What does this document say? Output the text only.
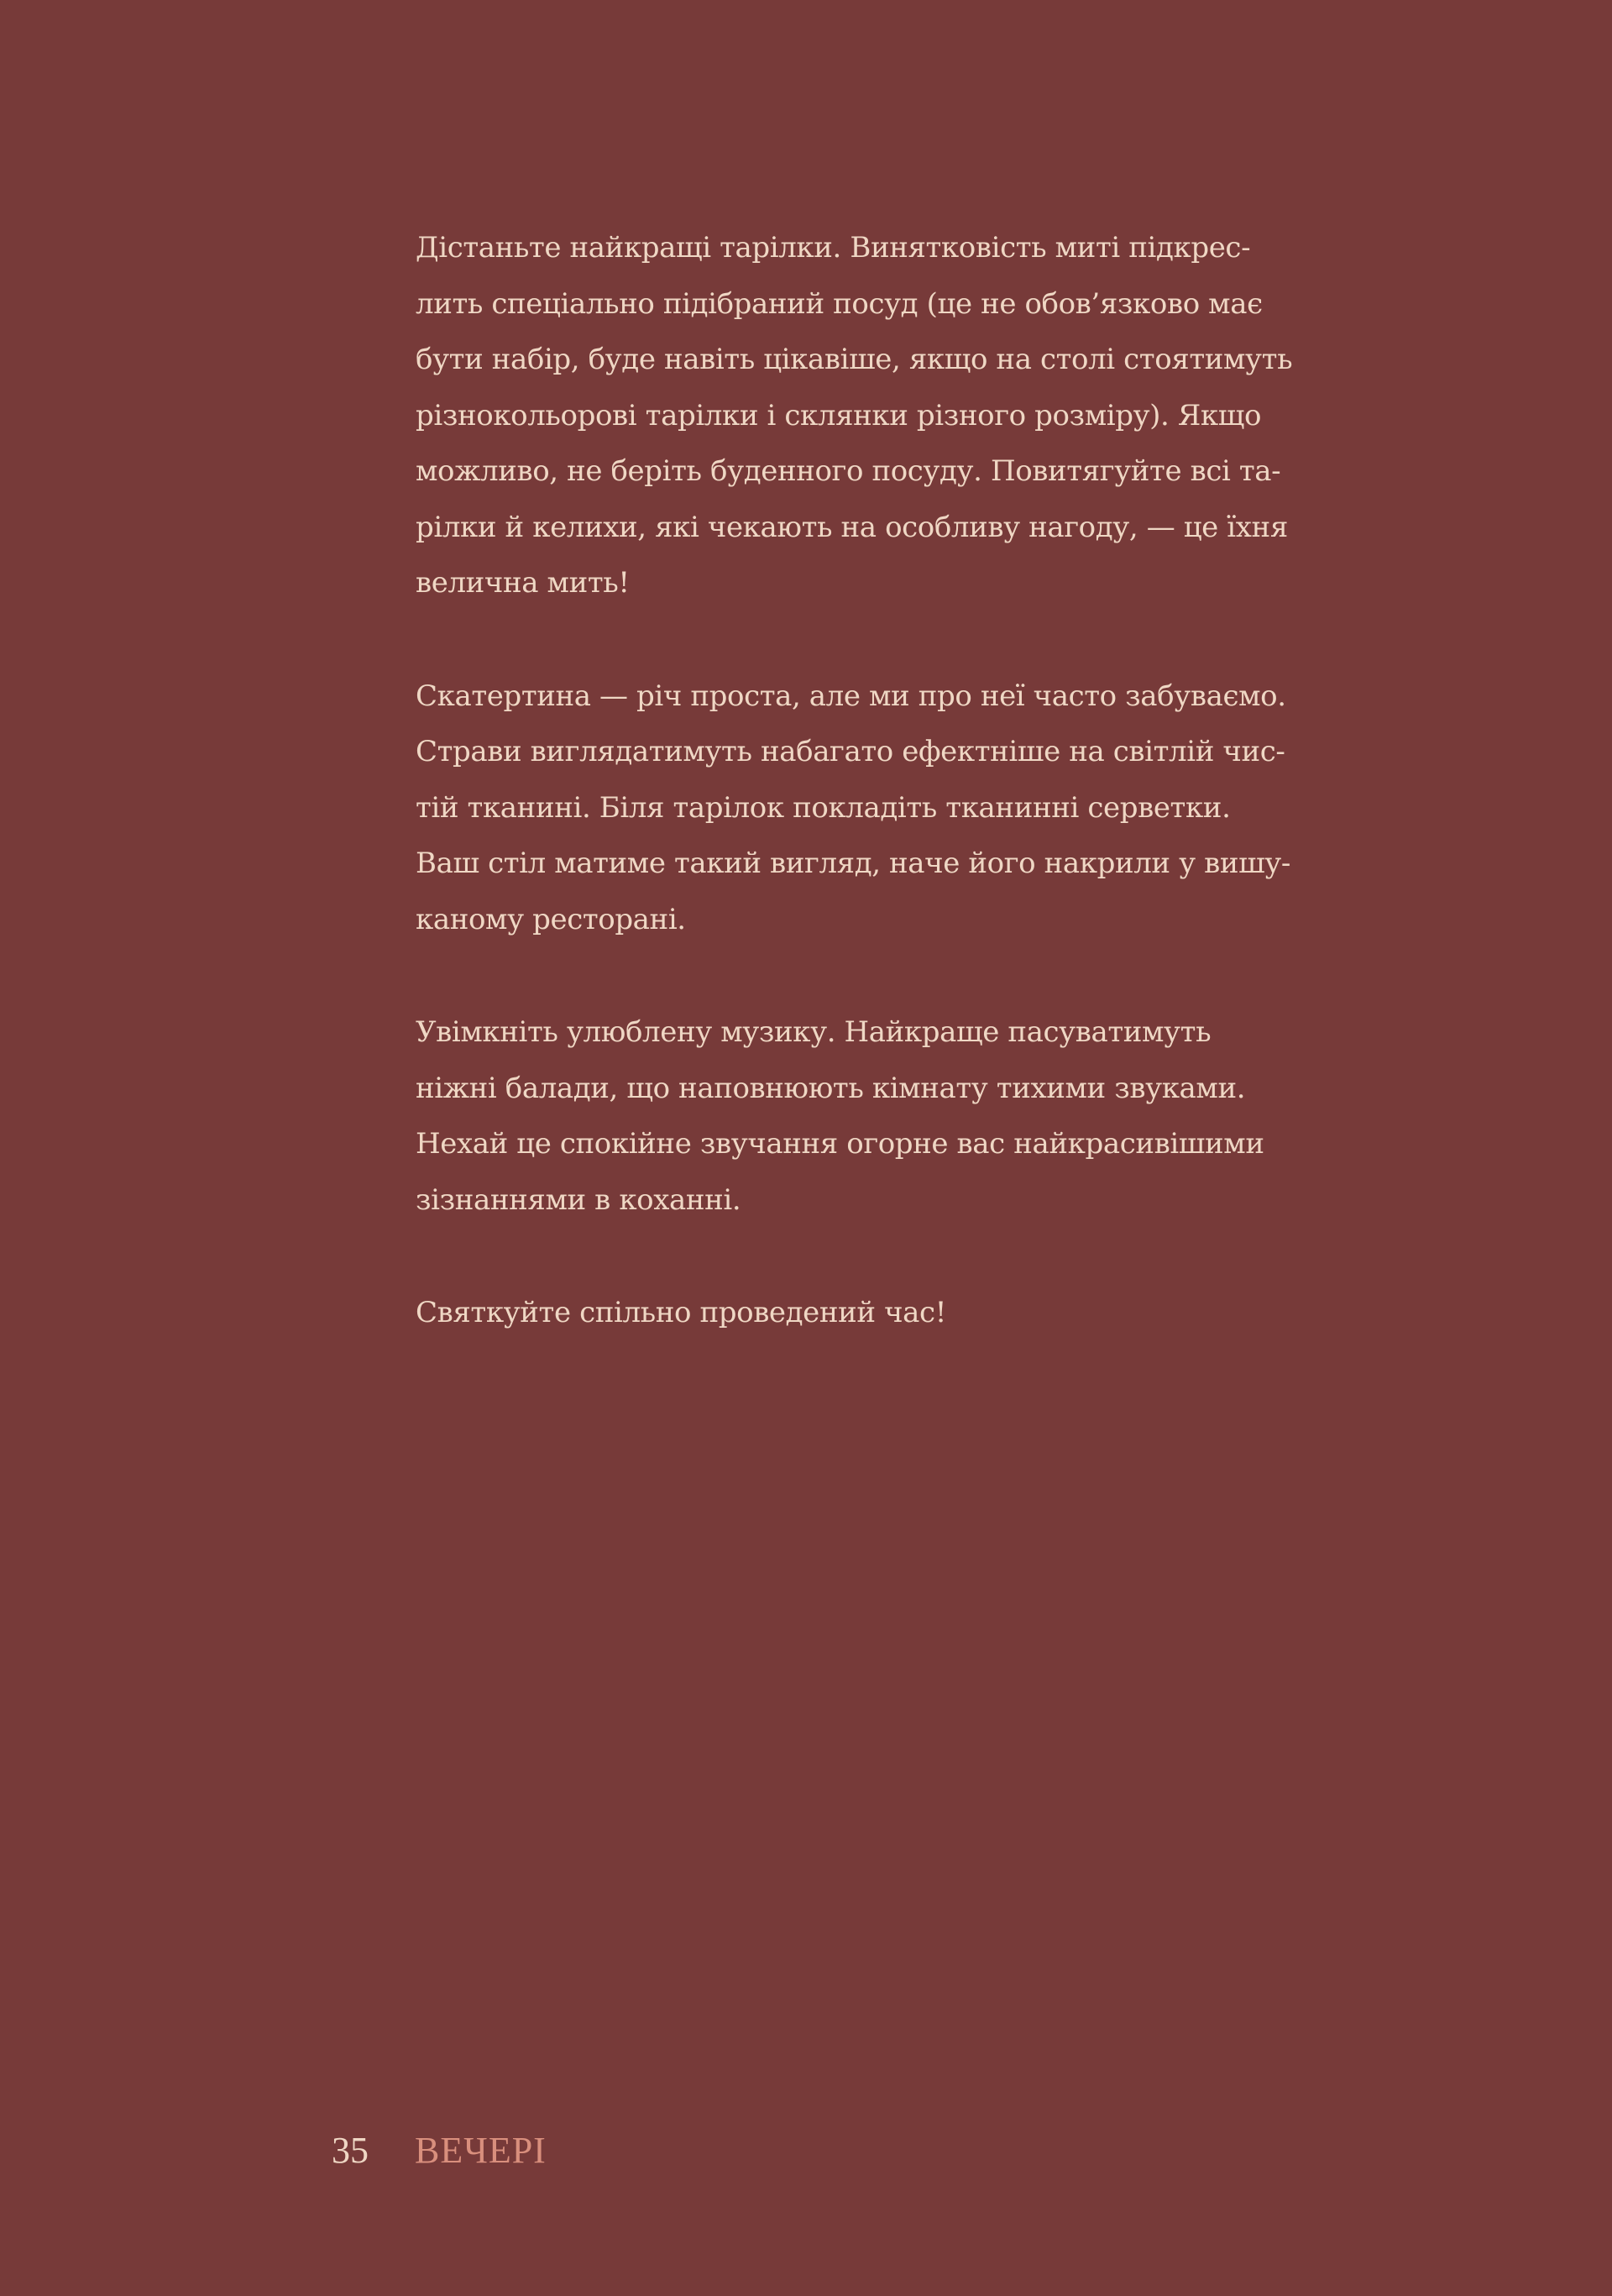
Дістаньте найкращі тарілки. Винятковість миті підкрес-
лить спеціально підібраний посуд (це не обов’язково має
бути набір, буде навіть цікавіше, якщо на столі стоятимуть
різнокольорові тарілки і склянки різного розміру). Якщо
можливо, не беріть буденного посуду. Повитягуйте всі та-
рілки й келихи, які чекають на особливу нагоду, — це їхня
велична мить!

Скатертина — річ проста, але ми про неї часто забуваємо.
Страви виглядатимуть набагато ефектніше на світлій чис-
тій тканині. Біля тарілок покладіть тканинні серветки.
Ваш стіл матиме такий вигляд, наче його накрили у вишу-
каному ресторані.

Увімкніть улюблену музику. Найкраще пасуватимуть
ніжні балади, що наповнюють кімнату тихими звуками.
Нехай це спокійне звучання огорне вас найкрасивішими
зізнаннями в коханні.

Святкуйте спільно проведений час!

35 ВЕЧЕРІ
